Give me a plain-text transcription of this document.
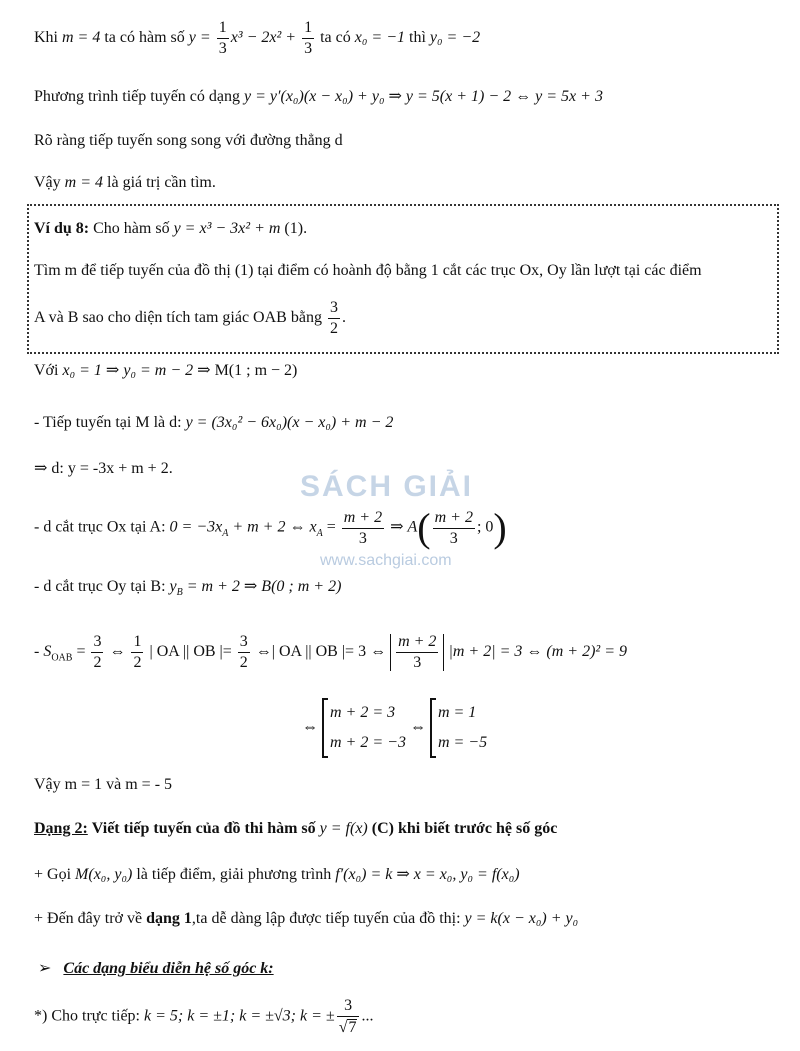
SÁCH GIẢI
www.sachgiai.com
Khi m = 4 ta có hàm số $y = \frac{1}{3} x^3 - 2x^2 + \frac{1}{3}$ ta có x₀ = −1 thì y₀ = −2
Phương trình tiếp tuyến có dạng y = y′(x₀)(x − x₀) + y₀ ⇒ y = 5(x + 1) − 2 ⇔ y = 5x + 3
Rõ ràng tiếp tuyến song song với đường thẳng d
Vậy m = 4 là giá trị cần tìm.
Ví dụ 8: Cho hàm số y = x³ − 3x² + m (1).
Tìm m để tiếp tuyến của đồ thị (1) tại điểm có hoành độ bằng 1 cắt các trục Ox, Oy lần lượt tại các điểm
A và B sao cho diện tích tam giác OAB bằng $\frac{3}{2}$ .
Với x₀ = 1 ⇒ y₀ = m − 2 ⇒ M(1 ; m − 2)
- Tiếp tuyến tại M là d: y = (3x₀² − 6x₀)(x − x₀) + m − 2
⇒ d: y = -3x + m + 2.
- d cắt trục Ox tại A: $0 = -3x_A + m + 2$ ⇔ $x_A = \frac{m + 2}{3}$ ⇒ $A( \frac{m + 2}{3}$ ; 0)
- d cắt trục Oy tại B: $y_B = m + 2$ ⇒ B(0 ; m + 2)
- $S_{OAB} = \frac{3}{2}$ ⇔ $\frac{1}{2}$ | OA || OB |= $\frac{3}{2}$ ⇔| OA || OB |= 3 ⇔ $\frac{m + 2}{3} |m + 2| = 3$ ⇔ (m + 2)² = 9
⇔
m + 2 = 3
m + 2 = −3
⇔
m = 1
m = −5
Vậy m = 1 và m = - 5
Dạng 2: Viết tiếp tuyến của đồ thi hàm số y = f(x) (C) khi biết trước hệ số góc
+ Gọi M(x₀, y₀) là tiếp điểm, giải phương trình f′(x₀) = k ⇒ x = x₀, y₀ = f(x₀)
+ Đến đây trở về dạng 1,ta dễ dàng lập được tiếp tuyến của đồ thị: y = k(x − x₀) + y₀
➢ Các dạng biểu diễn hệ số góc k:
*) Cho trực tiếp: k = 5; k = ±1; k = ±√3; k = ± $\frac{3}{√7}$ ...
